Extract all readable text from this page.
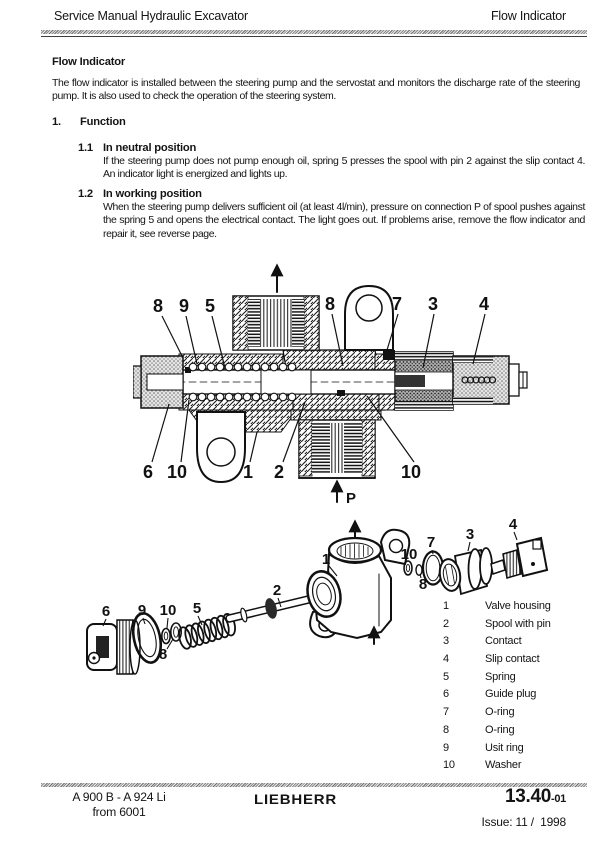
Service Manual Hydraulic Excavator	Flow Indicator
Flow Indicator
The flow indicator is installed between the steering pump and the servostat and monitors the discharge rate of the steering pump. It is also used to check the operation of the steering system.
1. Function
1.1 In neutral position
If the steering pump does not pump enough oil, spring 5 presses the spool with pin 2 against the slip contact 4. An indicator light is energized and lights up.
1.2 In working position
When the steering pump delivers sufficient oil (at least 4l/min), pressure on connection P of spool pushes against the spring 5 and opens the electrical contact. The light goes out. If problems arise, remove the flow indicator and repair it, see reverse page.
8 9 5	8	7 3 4
6 10	1 2	10
P
6 9 10
8
5
2
1	10
8
7 3
4
1	Valve housing
2	Spool with pin
3	Contact
4	Slip contact
5	Spring
6	Guide plug
7	O-ring
8	O-ring
9	Usit ring
10	Washer
A 900 B - A 924 Li
from 6001
LIEBHERR	13.40-01
Issue: 11 /  1998
